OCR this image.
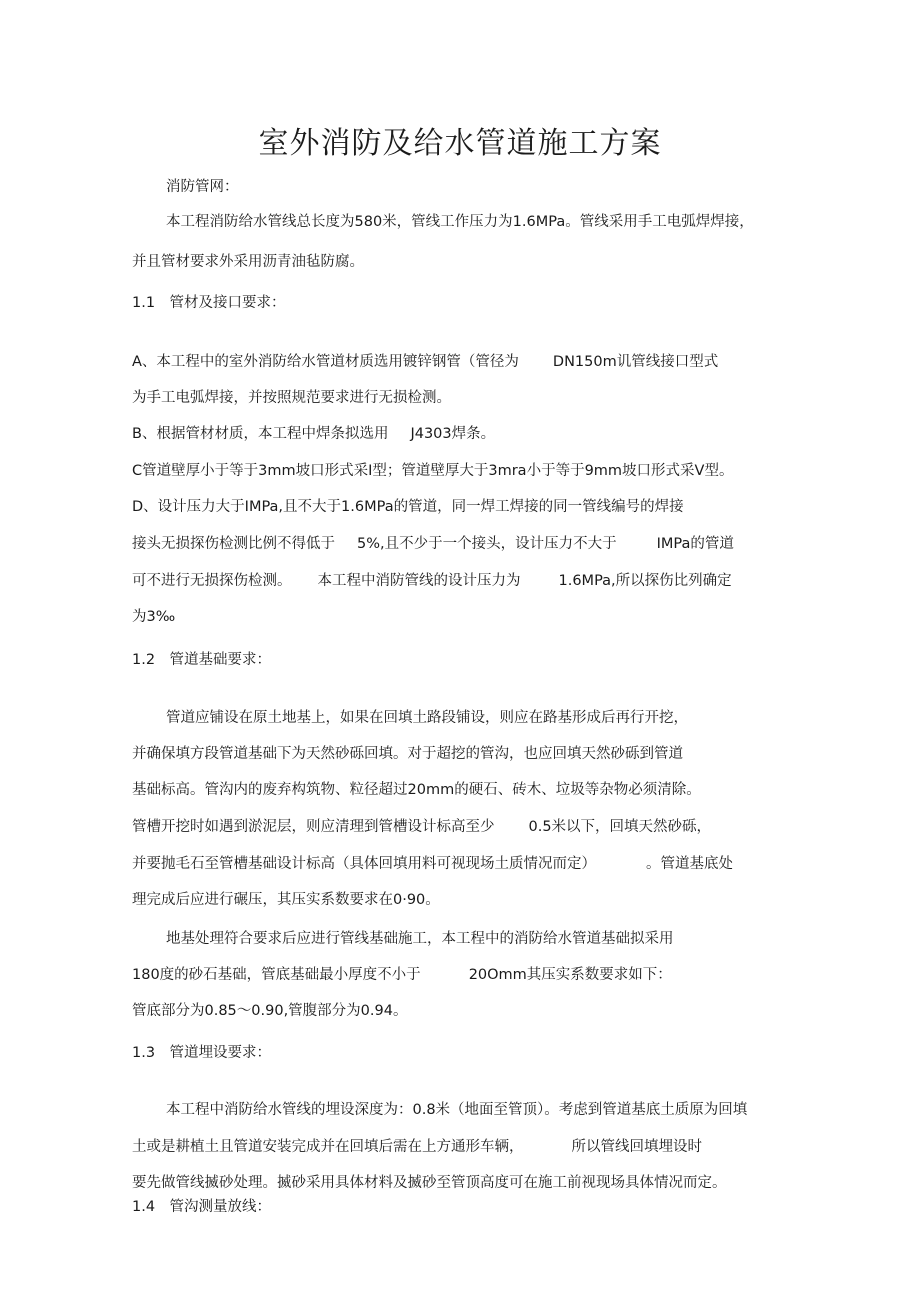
室外消防及给水管道施工方案

消防管网：

本工程消防给水管线总长度为580米，管线工作压力为1.6MPa。管线采用手工电弧焊焊接，

并且管材要求外采用沥青油毡防腐。

1.1　管材及接口要求：

A、本工程中的室外消防给水管道材质选用镀锌钢管（管径为 DN150m讥管线接口型式

为手工电弧焊接，并按照规范要求进行无损检测。

B、根据管材材质，本工程中焊条拟选用 J4303焊条。

C管道壁厚小于等于3mm坡口形式采I型；管道壁厚大于3mra小于等于9mm坡口形式采V型。

D、设计压力大于IMPa,且不大于1.6MPa的管道，同一焊工焊接的同一管线编号的焊接

接头无损探伤检测比例不得低于 5%,且不少于一个接头，设计压力不大于	IMPa的管道

可不进行无损探伤检测。 本工程中消防管线的设计压力为	1.6MPa,所以探伤比列确定

为3‰

1.2　管道基础要求：

管道应铺设在原土地基上，如果在回填土路段铺设，则应在路基形成后再行开挖，

并确保填方段管道基础下为天然砂砾回填。对于超挖的管沟，也应回填天然砂砾到管道

基础标高。管沟内的废弃构筑物、粒径超过20mm的硬石、砖木、垃圾等杂物必须清除。

管槽开挖时如遇到淤泥层，则应清理到管槽设计标高至少 0.5米以下，回填天然砂砾，

并要抛毛石至管槽基础设计标高（具体回填用料可视现场土质情况而定）	。管道基底处

理完成后应进行碾压，其压实系数要求在0·90。

地基处理符合要求后应进行管线基础施工，本工程中的消防给水管道基础拟采用

180度的砂石基础，管底基础最小厚度不小于	20Omm其压实系数要求如下：

管底部分为0.85～0.90,管腹部分为0.94。

1.3　管道埋设要求：

本工程中消防给水管线的埋设深度为：0.8米（地面至管顶）。考虑到管道基底土质原为回填

土或是耕植土且管道安装完成并在回填后需在上方通形车辆，	所以管线回填埋设时

要先做管线揻砂处理。揻砂采用具体材料及揻砂至管顶高度可在施工前视现场具体情况而定。

1.4　管沟测量放线：
